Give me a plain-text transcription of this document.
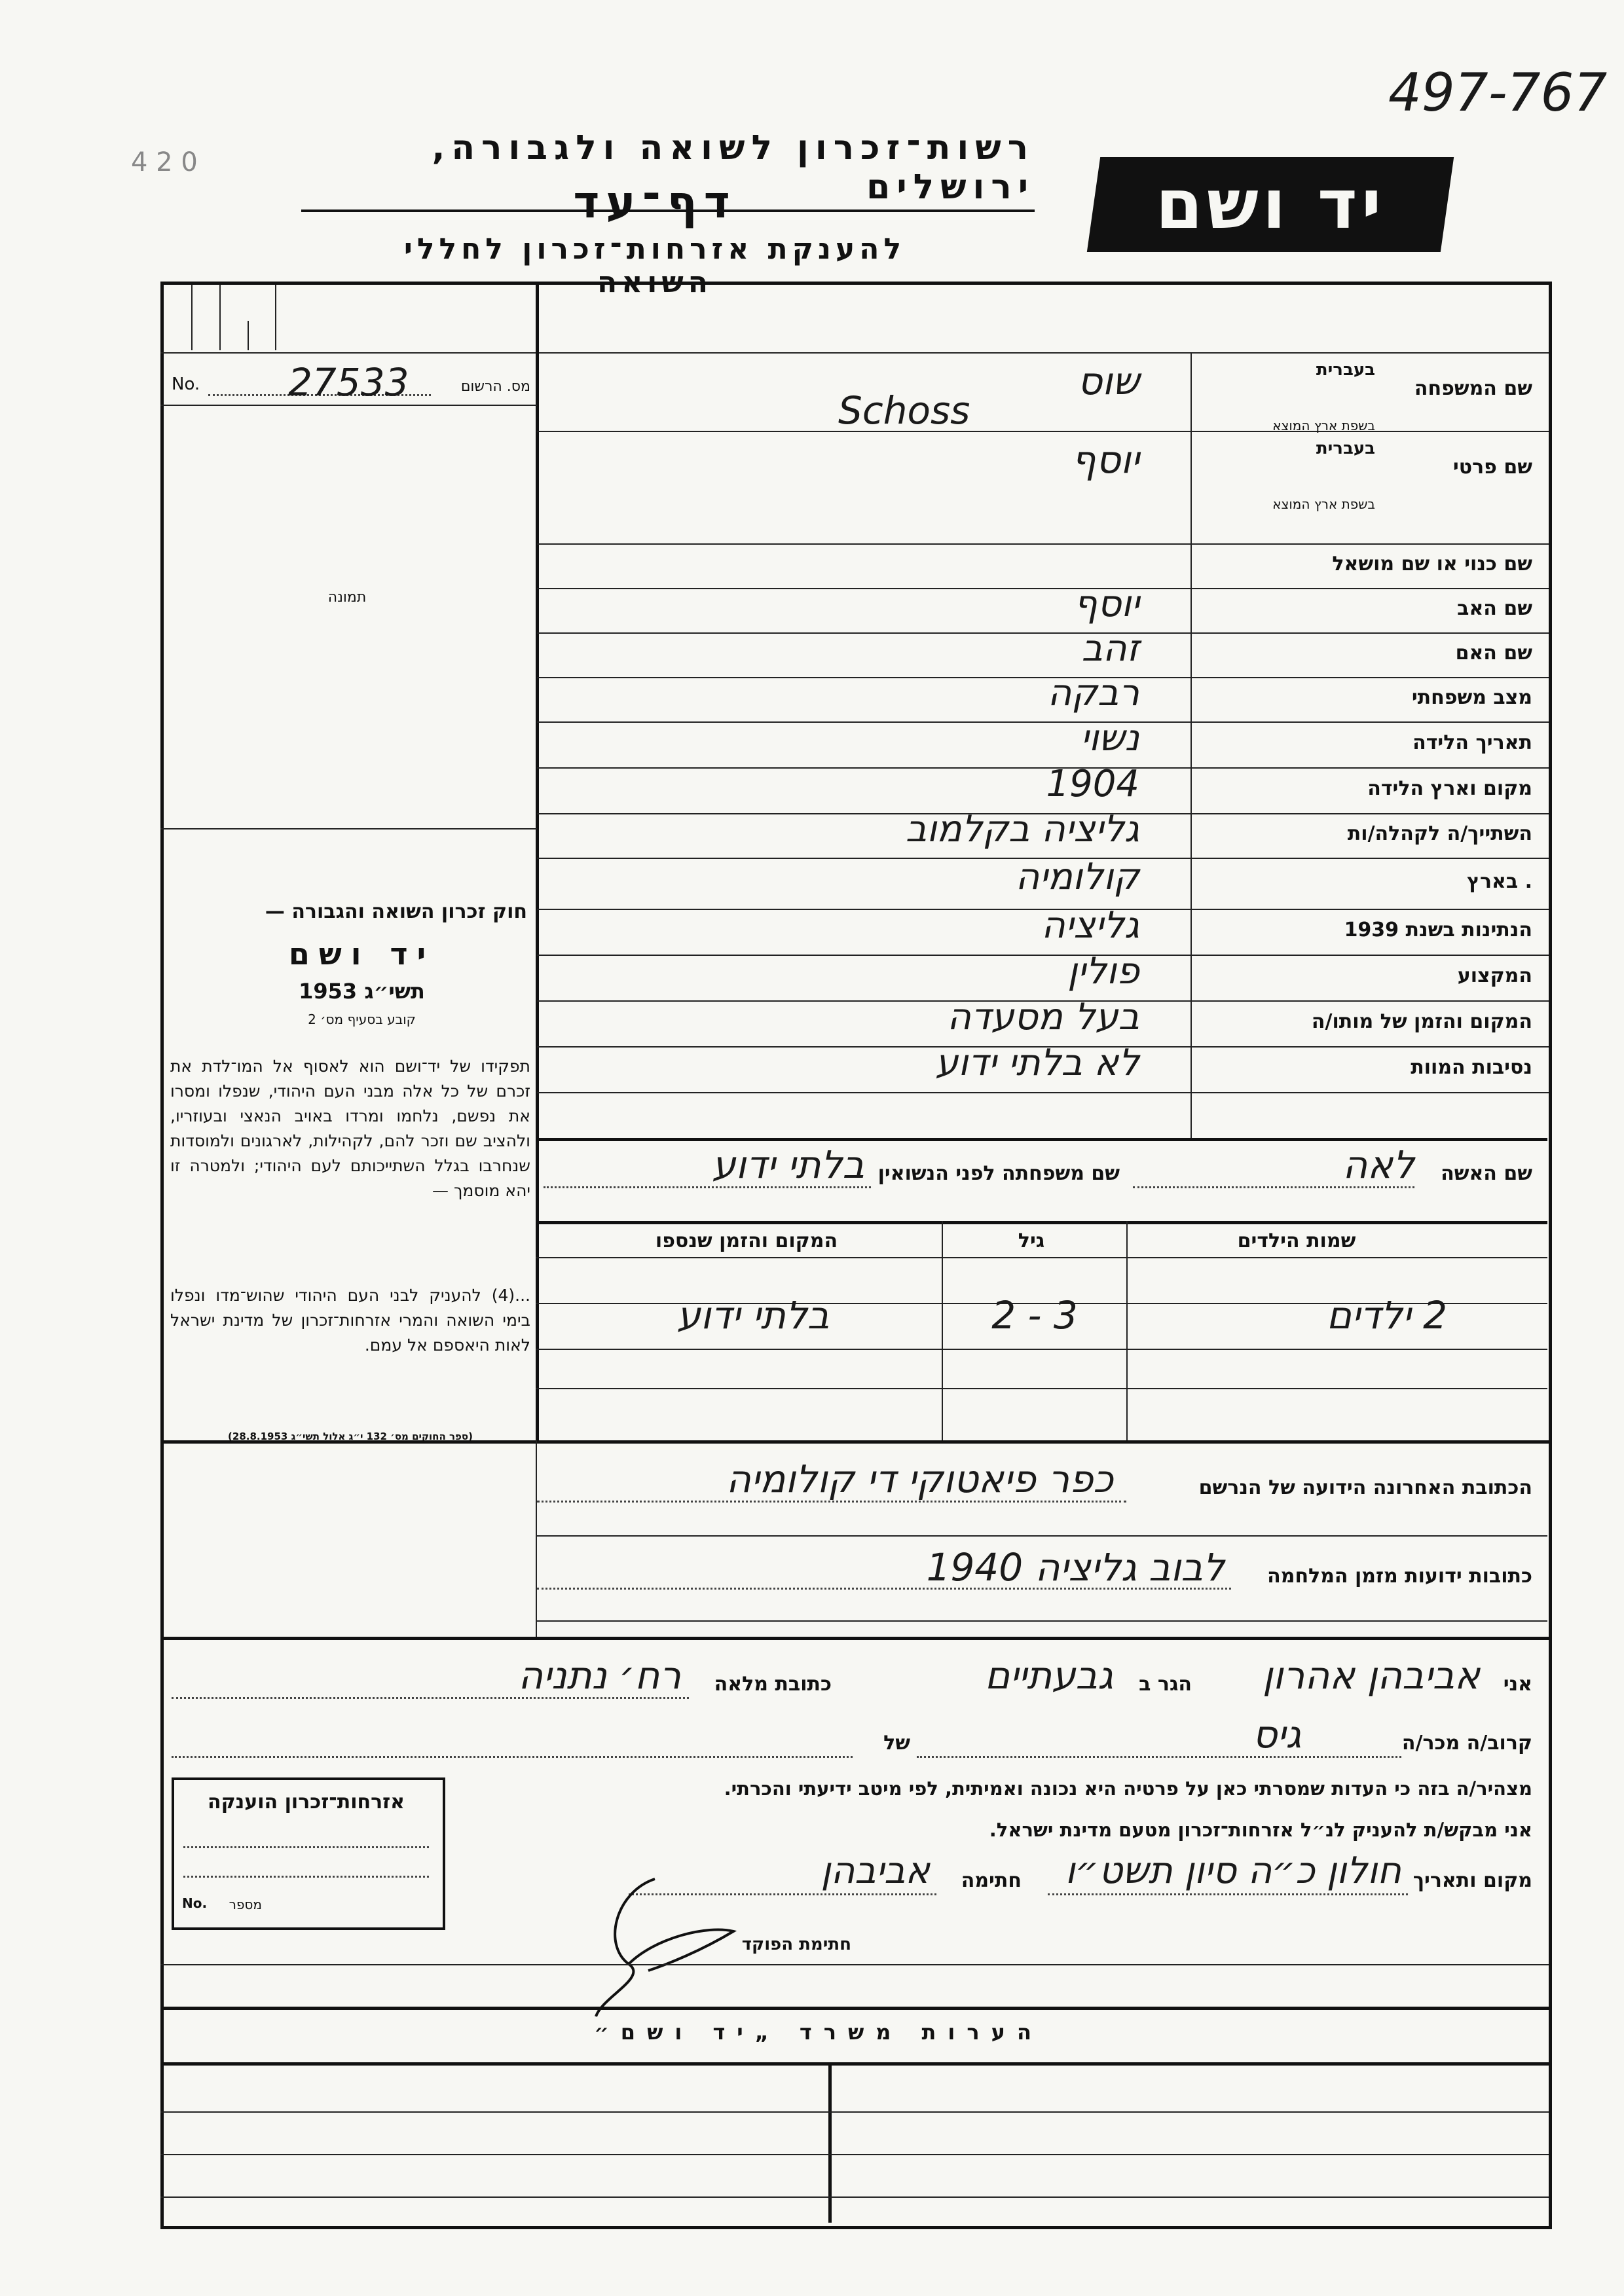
497-767
4 2 0	רשות־זכרון לשואה ולגבורה, ירושלים
דף־עד
להענקת אזרחות־זכרון לחללי השואה
יד ושם
מס. הרשום
No. 27533
תמונה
חוק זכרון השואה והגבורה —
יד ושם
תשי״ג 1953
קובע בסעיף מס׳ 2
תפקידו של יד־ושם הוא לאסוף אל המו־לדת את זכרם של כל אלה מבני העם היהודי, שנפלו ומסרו את נפשם, נלחמו ומרדו באויב הנאצי ובעוזריו, ולהציב שם וזכר להם, לקהילות, לארגונים ולמוסדות שנחרבו בגלל השתייכותם לעם היהודי; ולמטרה זו יהא מוסמך —
...(4) להעניק לבני העם היהודי שהוש־מדו ונפלו בימי השואה והמרי אזרחות־זכרון של מדינת ישראל לאות היאספם אל עמם.
(ספר החוקים מס׳ 132 י״ג אלול תשי״ג 28.8.1953)
שם המשפחה
בעברית
בשפת ארץ המוצא
שוס
Schoss
שם פרטי
בעברית
בשפת ארץ המוצא
יוסף
שם כנוי או שם מושאל
שם האב
יוסף
שם האם
זהב
מצב משפחתי
רבקה
תאריך הלידה
נשוי
מקום וארץ הלידה
1904
השתייך/ה לקהלה/ות
גליציה בקלמוב
. בארץ
קולומיה
הנתינות בשנת 1939
גליציה
המקצוע
פולין
המקום והזמן של מותו/ה
בעל מסעדה
נסיבות המוות
לא בלתי ידוע
שם האשה
לאה
שם משפחתה לפני הנשואין
בלתי ידוע
שמות הילדים
גיל
המקום והזמן שנספו
2 ילדים
3 - 2
בלתי ידוע
הכתובת האחרונה הידועה של הנרשם
כפר פיאטוקי די קולומיה
כתובות ידועות מזמן המלחמה
לבוב גליציה 1940
אני
אביבהן אהרון
הגר ב
גבעתיים
כתובת מלאה
רח׳ נתניה
קרוב/ה מכר/ה
גיס
של
מצהיר/ה בזה כי העדות שמסרתי כאן על פרטיה היא נכונה ואמיתית, לפי מיטב ידיעתי והכרתי.
אני מבקש/ת להעניק לנ״ל אזרחות־זכרון מטעם מדינת ישראל.
מקום ותאריך
חולון כ״ה סיון תשט״ו
חתימה
אביבהן
חתימת הפוקד
אזרחות־זכרון הוענקה
No.	מספר
הערות משרד „יד ושם״
